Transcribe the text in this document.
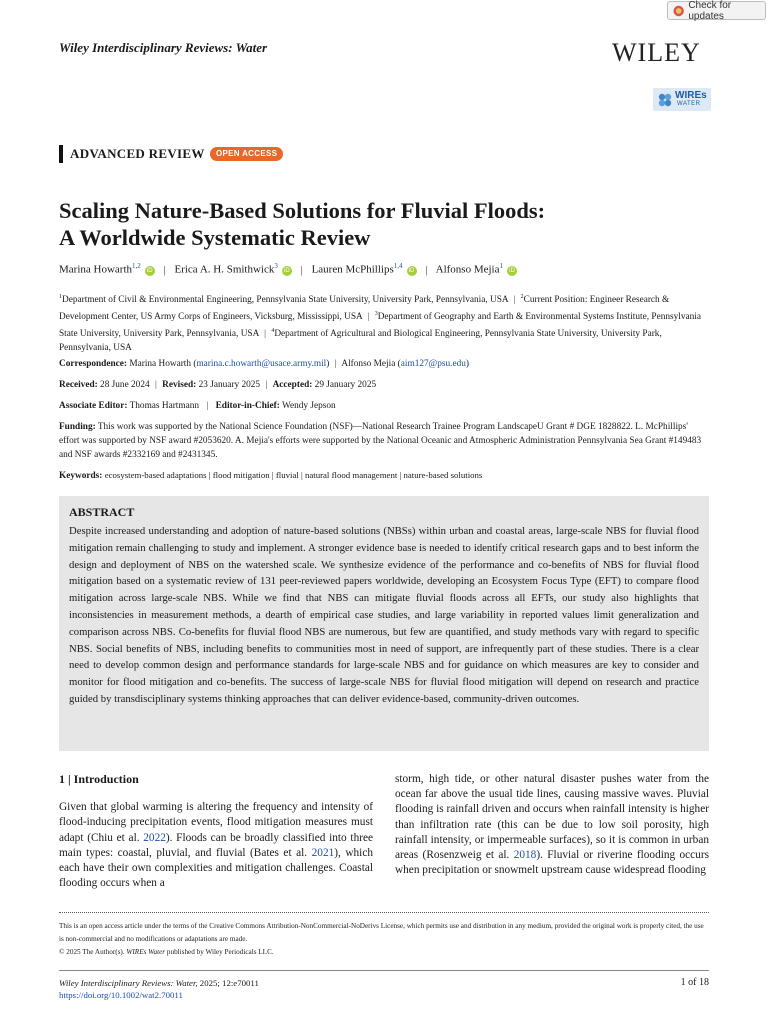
Check for updates
Wiley Interdisciplinary Reviews: Water	WILEY
WIREs
WATER
ADVANCED REVIEW	OPEN ACCESS
Scaling Nature-Based Solutions for Fluvial Floods:
A Worldwide Systematic Review
Marina Howarth$^{1,2}$iD | Erica A. H. Smithwick$^3$iD | Lauren McPhillips$^{1,4}$iD | Alfonso Mejia$^1$iD
$^1$Department of Civil & Environmental Engineering, Pennsylvania State University, University Park, Pennsylvania, USA | $^2$Current Position: Engineer Research & Development Center, US Army Corps of Engineers, Vicksburg, Mississippi, USA | $^3$Department of Geography and Earth & Environmental Systems Institute, Pennsylvania State University, University Park, Pennsylvania, USA | $^4$Department of Agricultural and Biological Engineering, Pennsylvania State University, University Park, Pennsylvania, USA
Correspondence: Marina Howarth (marina.c.howarth@usace.army.mil) | Alfonso Mejia (aim127@psu.edu)
Received: 28 June 2024 | Revised: 23 January 2025 | Accepted: 29 January 2025
Associate Editor: Thomas Hartmann | Editor-in-Chief: Wendy Jepson
Funding: This work was supported by the National Science Foundation (NSF)—National Research Trainee Program LandscapeU Grant # DGE 1828822. L. McPhillips' effort was supported by NSF award #2053620. A. Mejia's efforts were supported by the National Oceanic and Atmospheric Administration Pennsylvania Sea Grant #149483 and NSF awards #2332169 and #2431345.
Keywords: ecosystem-based adaptations | flood mitigation | fluvial | natural flood management | nature-based solutions
ABSTRACT
Despite increased understanding and adoption of nature-based solutions (NBSs) within urban and coastal areas, large-scale NBS for fluvial flood mitigation remain challenging to study and implement. A stronger evidence base is needed to identify critical research gaps and to best inform the design and deployment of NBS on the watershed scale. We synthesize evidence of the performance and co-benefits of NBS for fluvial flood mitigation based on a systematic review of 131 peer-reviewed papers worldwide, developing an Ecosystem Focus Type (EFT) to compare flood mitigation across large-scale NBS. While we find that NBS can mitigate fluvial floods across all EFTs, our study also highlights that inconsistencies in measurement methods, a dearth of empirical case studies, and large variability in reported values limit generalization and comparison across NBS. Co-benefits for fluvial flood NBS are numerous, but few are quantified, and study methods vary with regard to specific NBS. Social benefits of NBS, including benefits to communities most in need of support, are infrequently part of these studies. There is a clear need to develop common design and performance standards for large-scale NBS and for guidance on which measures are key to consider and monitor for flood mitigation and co-benefits. The success of large-scale NBS for fluvial flood mitigation will depend on research and practice guided by transdisciplinary systems thinking approaches that can deliver evidence-based, community-driven outcomes.
1 | Introduction
Given that global warming is altering the frequency and intensity of flood-inducing precipitation events, flood mitigation measures must adapt (Chiu et al. 2022). Floods can be broadly classified into three main types: coastal, pluvial, and fluvial (Bates et al. 2021), which each have their own complexities and mitigation challenges. Coastal flooding occurs when a
storm, high tide, or other natural disaster pushes water from the ocean far above the usual tide lines, causing massive waves. Pluvial flooding is rainfall driven and occurs when rainfall intensity is higher than infiltration rate (this can be due to low soil porosity, high rainfall intensity, or impermeable surfaces), so it is common in urban areas (Rosenzweig et al. 2018). Fluvial or riverine flooding occurs when precipitation or snowmelt upstream cause widespread flooding
This is an open access article under the terms of the Creative Commons Attribution-NonCommercial-NoDerivs License, which permits use and distribution in any medium, provided the original work is properly cited, the use is non-commercial and no modifications or adaptations are made.
© 2025 The Author(s). WIREs Water published by Wiley Periodicals LLC.
Wiley Interdisciplinary Reviews: Water, 2025; 12:e70011
https://doi.org/10.1002/wat2.70011
1 of 18
